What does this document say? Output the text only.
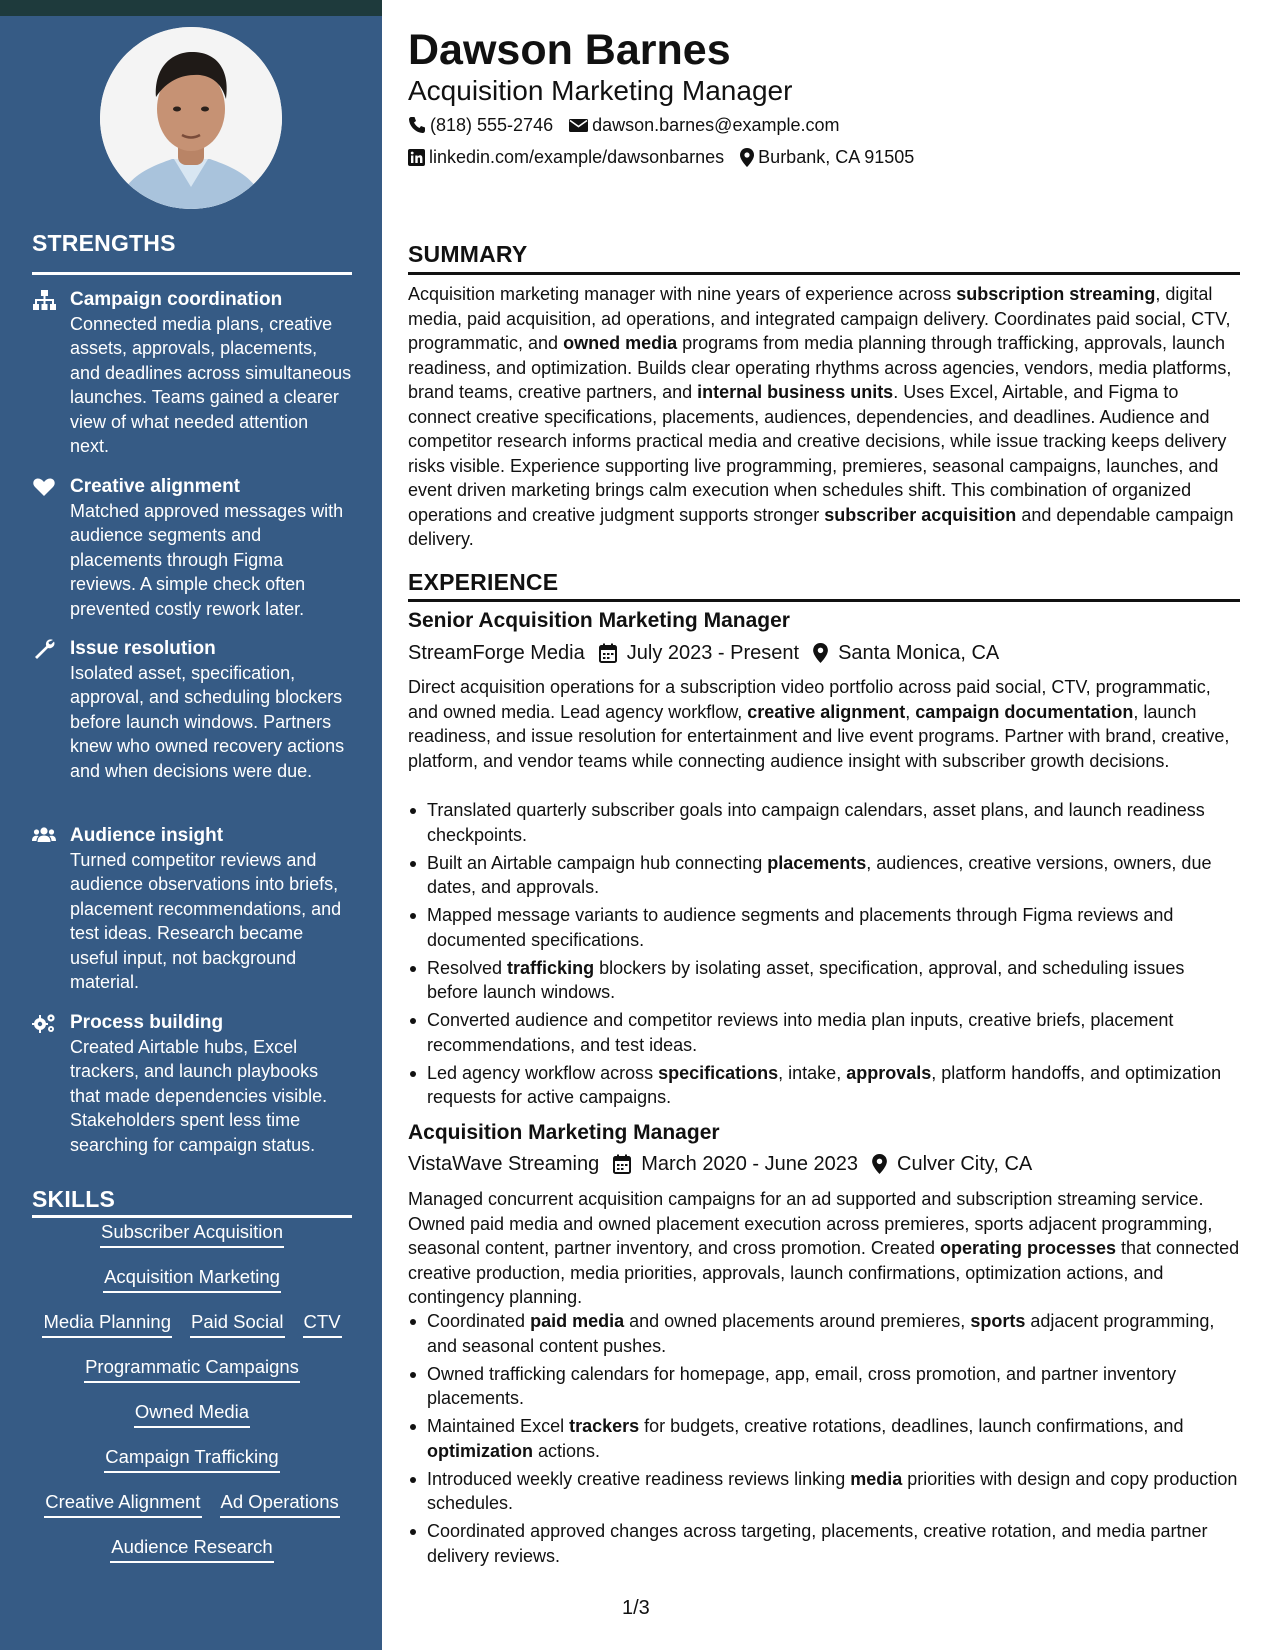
STRENGTHS
Campaign coordination
Connected media plans, creative assets, approvals, placements, and deadlines across simultaneous launches. Teams gained a clearer view of what needed attention next.
Creative alignment
Matched approved messages with audience segments and placements through Figma reviews. A simple check often prevented costly rework later.
Issue resolution
Isolated asset, specification, approval, and scheduling blockers before launch windows. Partners knew who owned recovery actions and when decisions were due.
Audience insight
Turned competitor reviews and audience observations into briefs, placement recommendations, and test ideas. Research became useful input, not background material.
Process building
Created Airtable hubs, Excel trackers, and launch playbooks that made dependencies visible. Stakeholders spent less time searching for campaign status.
SKILLS
Subscriber Acquisition
Acquisition Marketing
Media Planning Paid Social CTV
Programmatic Campaigns
Owned Media
Campaign Trafficking
Creative Alignment Ad Operations
Audience Research
Dawson Barnes
Acquisition Marketing Manager
(818) 555-2746 dawson.barnes@example.com
linkedin.com/example/dawsonbarnes Burbank, CA 91505
SUMMARY

Acquisition marketing manager with nine years of experience across subscription streaming, digital media, paid acquisition, ad operations, and integrated campaign delivery. Coordinates paid social, CTV, programmatic, and owned media programs from media planning through trafficking, approvals, launch readiness, and optimization. Builds clear operating rhythms across agencies, vendors, media platforms, brand teams, creative partners, and internal business units. Uses Excel, Airtable, and Figma to connect creative specifications, placements, audiences, dependencies, and deadlines. Audience and competitor research informs practical media and creative decisions, while issue tracking keeps delivery risks visible. Experience supporting live programming, premieres, seasonal campaigns, launches, and event driven marketing brings calm execution when schedules shift. This combination of organized operations and creative judgment supports stronger subscriber acquisition and dependable campaign delivery.

EXPERIENCE
Senior Acquisition Marketing Manager
StreamForge Media July 2023 - Present Santa Monica, CA

Direct acquisition operations for a subscription video portfolio across paid social, CTV, programmatic, and owned media. Lead agency workflow, creative alignment, campaign documentation, launch readiness, and issue resolution for entertainment and live event programs. Partner with brand, creative, platform, and vendor teams while connecting audience insight with subscriber growth decisions.

Translated quarterly subscriber goals into campaign calendars, asset plans, and launch readiness checkpoints.
Built an Airtable campaign hub connecting placements, audiences, creative versions, owners, due dates, and approvals.
Mapped message variants to audience segments and placements through Figma reviews and documented specifications.
Resolved trafficking blockers by isolating asset, specification, approval, and scheduling issues before launch windows.
Converted audience and competitor reviews into media plan inputs, creative briefs, placement recommendations, and test ideas.
Led agency workflow across specifications, intake, approvals, platform handoffs, and optimization requests for active campaigns.
Acquisition Marketing Manager
VistaWave Streaming March 2020 - June 2023 Culver City, CA

Managed concurrent acquisition campaigns for an ad supported and subscription streaming service. Owned paid media and owned placement execution across premieres, sports adjacent programming, seasonal content, partner inventory, and cross promotion. Created operating processes that connected creative production, media priorities, approvals, launch confirmations, optimization actions, and contingency planning.

Coordinated paid media and owned placements around premieres, sports adjacent programming, and seasonal content pushes.
Owned trafficking calendars for homepage, app, email, cross promotion, and partner inventory placements.
Maintained Excel trackers for budgets, creative rotations, deadlines, launch confirmations, and optimization actions.
Introduced weekly creative readiness reviews linking media priorities with design and copy production schedules.
Coordinated approved changes across targeting, placements, creative rotation, and media partner delivery reviews.
1/3
